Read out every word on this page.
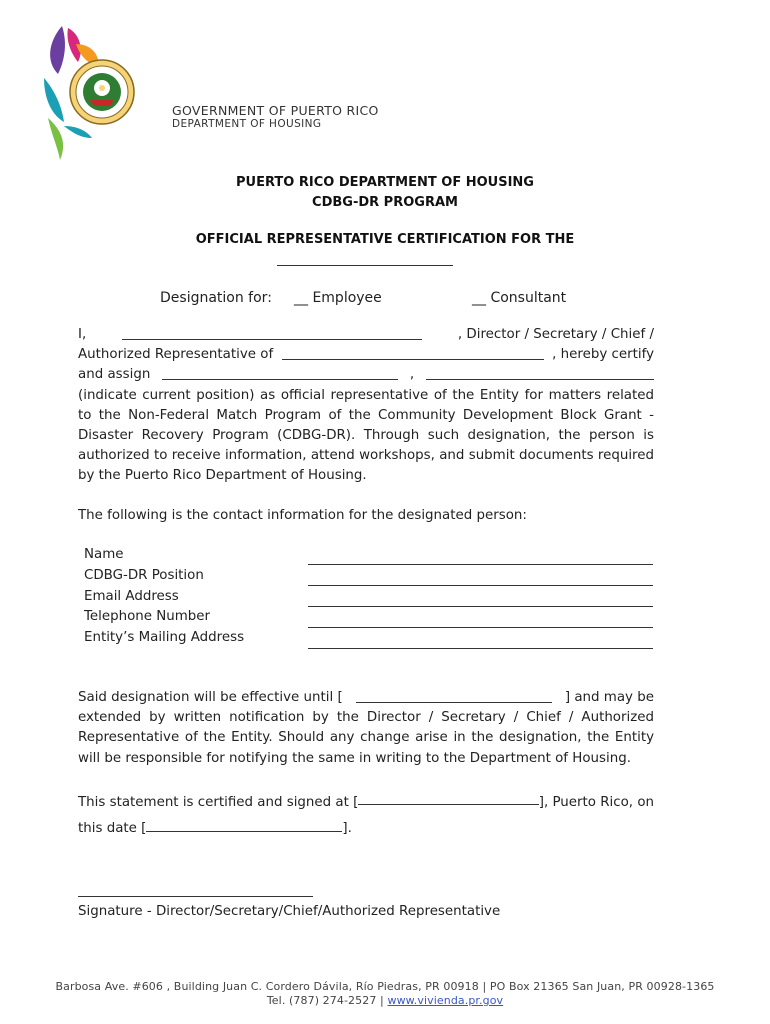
GOVERNMENT OF PUERTO RICO
DEPARTMENT OF HOUSING
PUERTO RICO DEPARTMENT OF HOUSING
CDBG-DR PROGRAM
OFFICIAL REPRESENTATIVE CERTIFICATION FOR THE
Designation for: __ Employee	__ Consultant
I,	, Director / Secretary / Chief /
Authorized Representative of	, hereby certify
and assign	,
(indicate current position) as official representative of the Entity for matters related to the Non-Federal Match Program of the Community Development Block Grant - Disaster Recovery Program (CDBG-DR). Through such designation, the person is authorized to receive information, attend workshops, and submit documents required by the Puerto Rico Department of Housing.
The following is the contact information for the designated person:
Name
CDBG-DR Position
Email Address
Telephone Number
Entity’s Mailing Address
Said designation will be effective until [	] and may be
extended by written notification by the Director / Secretary / Chief / Authorized Representative of the Entity. Should any change arise in the designation, the Entity will be responsible for notifying the same in writing to the Department of Housing.
This statement is certified and signed at [	], Puerto Rico, on
this date [	].
Signature - Director/Secretary/Chief/Authorized Representative
Barbosa Ave. #606 , Building Juan C. Cordero Dávila, Río Piedras, PR 00918 | PO Box 21365 San Juan, PR 00928-1365
Tel. (787) 274-2527 | www.vivienda.pr.gov
